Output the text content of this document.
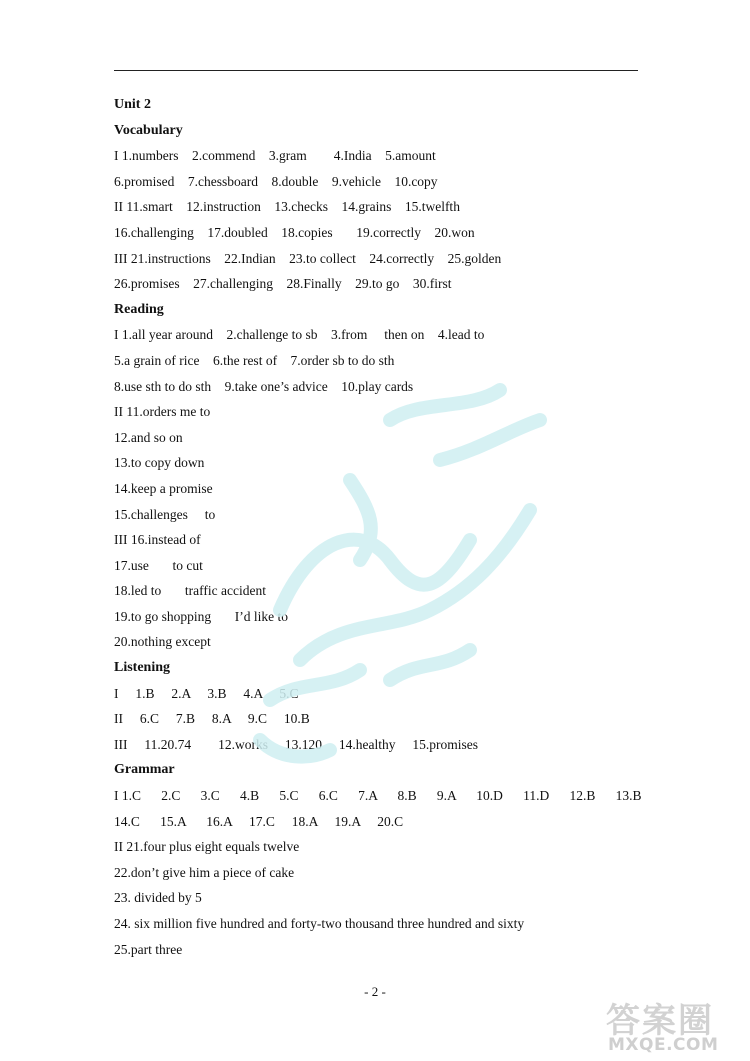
Unit 2
Vocabulary
I 1.numbers    2.commend    3.gram        4.India    5.amount
6.promised    7.chessboard    8.double    9.vehicle    10.copy
II 11.smart    12.instruction    13.checks    14.grains    15.twelfth
16.challenging    17.doubled    18.copies       19.correctly    20.won
III 21.instructions    22.Indian    23.to collect    24.correctly    25.golden
26.promises    27.challenging    28.Finally    29.to go    30.first
Reading
I 1.all year around    2.challenge to sb    3.from     then on    4.lead to
5.a grain of rice    6.the rest of    7.order sb to do sth
8.use sth to do sth    9.take one’s advice    10.play cards
II 11.orders me to
12.and so on
13.to copy down
14.keep a promise
15.challenges     to
III 16.instead of
17.use       to cut
18.led to       traffic accident
19.to go shopping       I’d like to
20.nothing except
Listening
I     1.B     2.A     3.B     4.A     5.C
II     6.C     7.B     8.A     9.C     10.B
III     11.20.74        12.works     13.120     14.healthy     15.promises
Grammar
I 1.C      2.C      3.C      4.B      5.C      6.C      7.A      8.B      9.A      10.D      11.D      12.B      13.B
14.C      15.A      16.A     17.C     18.A     19.A     20.C
II 21.four plus eight equals twelve
22.don’t give him a piece of cake
23. divided by 5
24. six million five hundred and forty-two thousand three hundred and sixty
25.part three
- 2 -
答案圈
MXQE.COM
